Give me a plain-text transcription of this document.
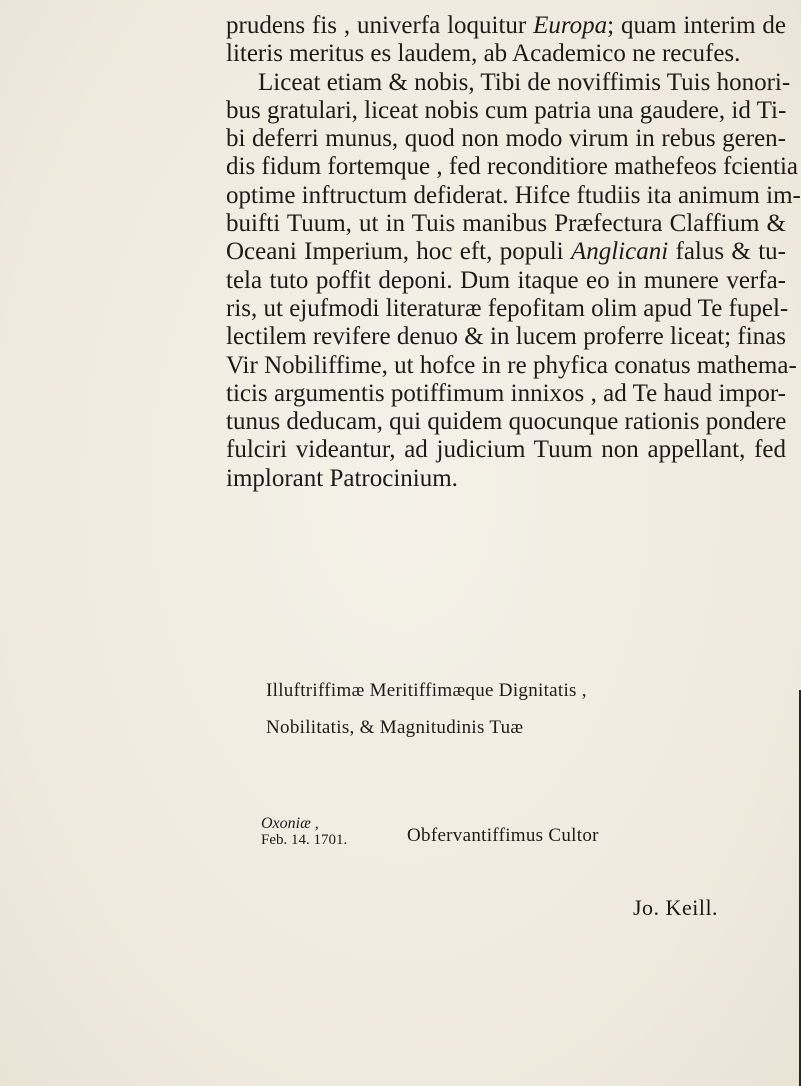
prudens fis , univerfa loquitur Europa; quam interim de
literis meritus es laudem, ab Academico ne recufes.
Liceat etiam & nobis, Tibi de noviffimis Tuis honori-
bus gratulari, liceat nobis cum patria una gaudere, id Ti-
bi deferri munus, quod non modo virum in rebus geren-
dis fidum fortemque , fed reconditiore mathefeos fcientia
optime inftructum defiderat. Hifce ftudiis ita animum im-
buifti Tuum, ut in Tuis manibus Præfectura Claffium &
Oceani Imperium, hoc eft, populi Anglicani falus & tu-
tela tuto poffit deponi. Dum itaque eo in munere verfa-
ris, ut ejufmodi literaturæ fepofitam olim apud Te fupel-
lectilem revifere denuo & in lucem proferre liceat; finas
Vir Nobiliffime, ut hofce in re phyfica conatus mathema-
ticis argumentis potiffimum innixos , ad Te haud impor-
tunus deducam, qui quidem quocunque rationis pondere
fulciri videantur, ad judicium Tuum non appellant, fed
implorant Patrocinium.
Illuftriffimæ Meritiffimæque Dignitatis ,
Nobilitatis, & Magnitudinis Tuæ
Oxoniæ ,
Feb. 14. 1701.	Obfervantiffimus Cultor
Jo. Keill.
